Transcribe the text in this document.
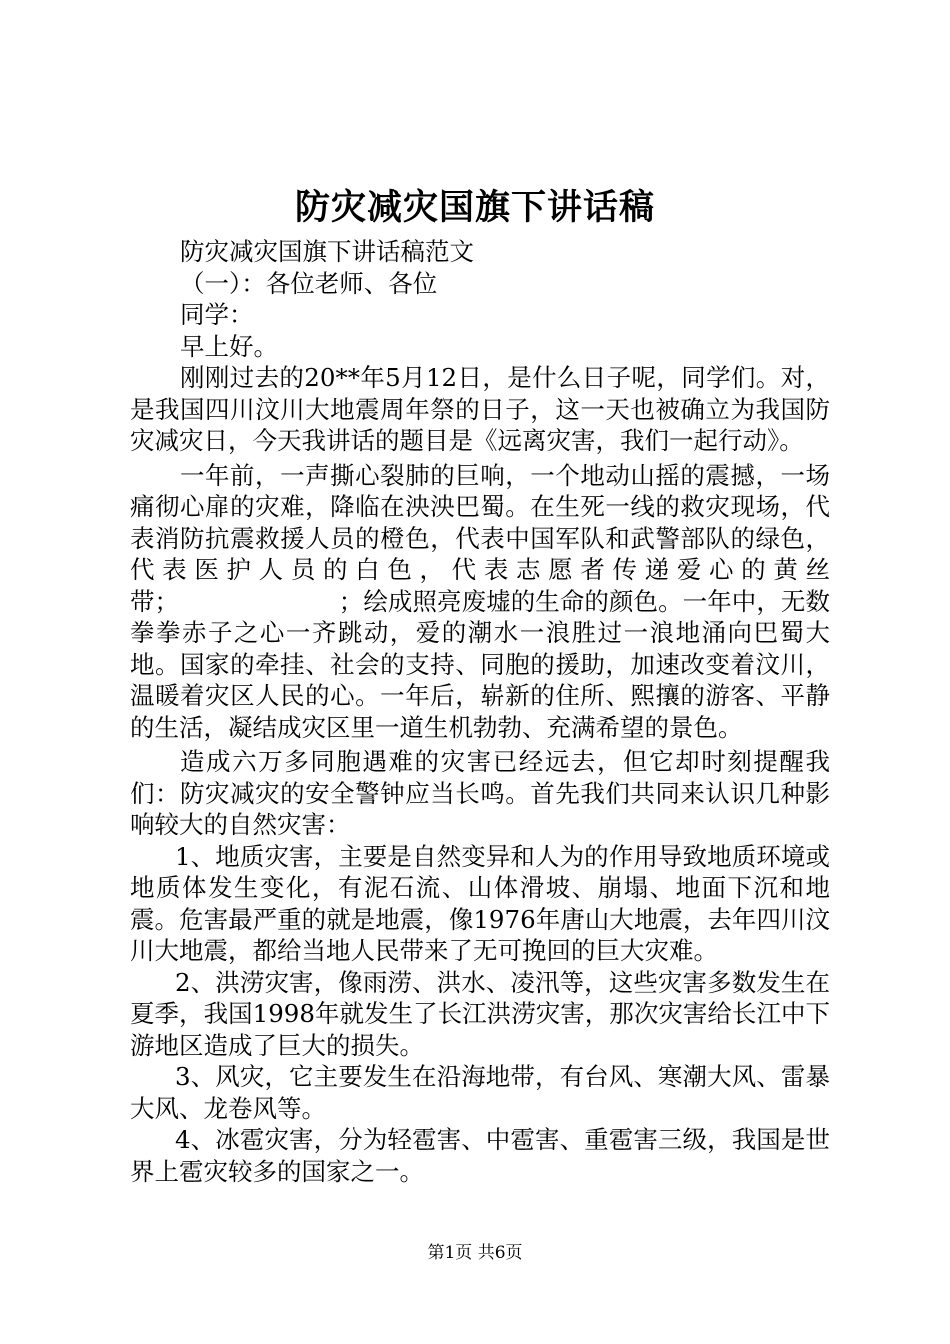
防灾减灾国旗下讲话稿

防灾减灾国旗下讲话稿范文

（一）：各位老师、各位

同学：

早上好。

刚刚过去的20**年5月12日，是什么日子呢，同学们。对，是我国四川汶川大地震周年祭的日子，这一天也被确立为我国防灾减灾日，今天我讲话的题目是《远离灾害，我们一起行动》。

一年前，一声撕心裂肺的巨响，一个地动山摇的震撼，一场痛彻心扉的灾难，降临在泱泱巴蜀。在生死一线的救灾现场，代表消防抗震救援人员的橙色，代表中国军队和武警部队的绿色，代表医护人员的白色，代表志愿者传递爱心的黄丝带；　　　　　　　；绘成照亮废墟的生命的颜色。一年中，无数拳拳赤子之心一齐跳动，爱的潮水一浪胜过一浪地涌向巴蜀大地。国家的牵挂、社会的支持、同胞的援助，加速改变着汶川，温暖着灾区人民的心。一年后，崭新的住所、熙攘的游客、平静的生活，凝结成灾区里一道生机勃勃、充满希望的景色。

造成六万多同胞遇难的灾害已经远去，但它却时刻提醒我们：防灾减灾的安全警钟应当长鸣。首先我们共同来认识几种影响较大的自然灾害：

1、地质灾害，主要是自然变异和人为的作用导致地质环境或地质体发生变化，有泥石流、山体滑坡、崩塌、地面下沉和地震。危害最严重的就是地震，像1976年唐山大地震，去年四川汶川大地震，都给当地人民带来了无可挽回的巨大灾难。

2、洪涝灾害，像雨涝、洪水、凌汛等，这些灾害多数发生在夏季，我国1998年就发生了长江洪涝灾害，那次灾害给长江中下游地区造成了巨大的损失。

3、风灾，它主要发生在沿海地带，有台风、寒潮大风、雷暴大风、龙卷风等。

4、冰雹灾害，分为轻雹害、中雹害、重雹害三级，我国是世界上雹灾较多的国家之一。

第1页 共6页
